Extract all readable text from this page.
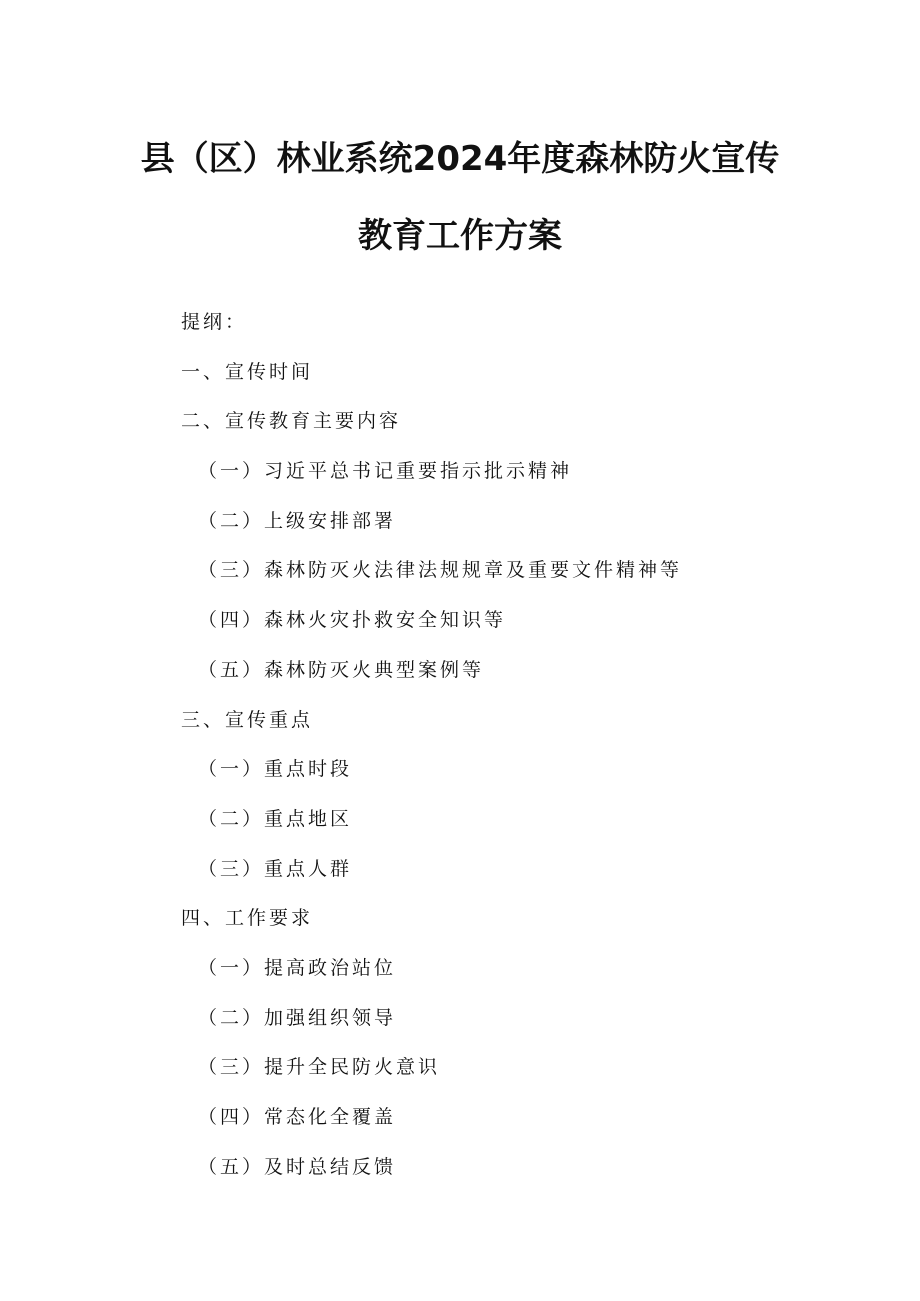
县（区）林业系统2024年度森林防火宣传
教育工作方案
提纲：
一、宣传时间
二、宣传教育主要内容
（一）习近平总书记重要指示批示精神
（二）上级安排部署
（三）森林防灭火法律法规规章及重要文件精神等
（四）森林火灾扑救安全知识等
（五）森林防灭火典型案例等
三、宣传重点
（一）重点时段
（二）重点地区
（三）重点人群
四、工作要求
（一）提高政治站位
（二）加强组织领导
（三）提升全民防火意识
（四）常态化全覆盖
（五）及时总结反馈
